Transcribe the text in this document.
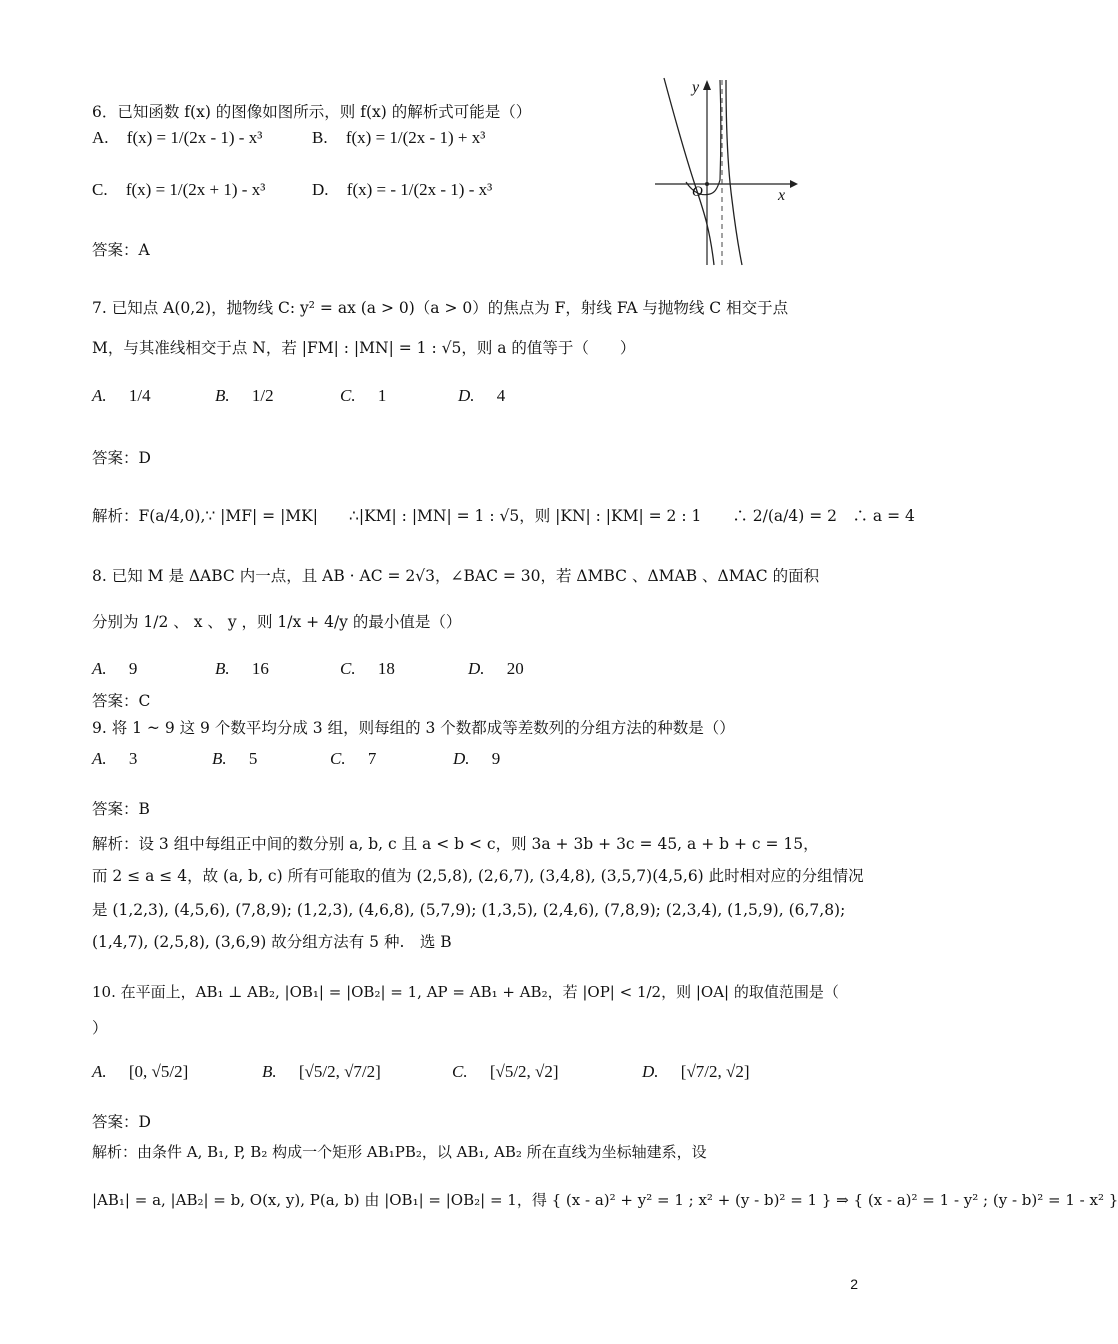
6．已知函数 f(x) 的图像如图所示，则 f(x) 的解析式可能是（）
A. f(x) = 1/(2x - 1) - x³	B. f(x) = 1/(2x - 1) + x³
C. f(x) = 1/(2x + 1) - x³	D. f(x) = - 1/(2x - 1) - x³
答案：A
y
x
O
7. 已知点 A(0,2)，抛物线 C: y² = ax (a > 0)（a > 0）的焦点为 F，射线 FA 与抛物线 C 相交于点
M，与其准线相交于点 N，若 |FM| : |MN| = 1 : √5，则 a 的值等于（　　）
A. 1/4	B. 1/2	C. 1	D. 4
答案：D
解析：F(a/4,0),∵ |MF| = |MK|　　∴|KM| : |MN| = 1 : √5，则 |KN| : |KM| = 2 : 1　　∴ 2/(a/4) = 2　∴ a = 4
8. 已知 M 是 ΔABC 内一点，且 AB · AC = 2√3，∠BAC = 30，若 ΔMBC 、ΔMAB 、ΔMAC 的面积
分别为 1/2 、 x 、 y ，则 1/x + 4/y 的最小值是（）
A. 9	B. 16	C. 18	D. 20
答案：C
9. 将 1 ~ 9 这 9 个数平均分成 3 组，则每组的 3 个数都成等差数列的分组方法的种数是（）
A. 3	B. 5	C. 7	D. 9
答案：B
解析：设 3 组中每组正中间的数分别 a, b, c 且 a < b < c，则 3a + 3b + 3c = 45, a + b + c = 15，
而 2 ≤ a ≤ 4，故 (a, b, c) 所有可能取的值为 (2,5,8), (2,6,7), (3,4,8), (3,5,7)(4,5,6) 此时相对应的分组情况
是 (1,2,3), (4,5,6), (7,8,9); (1,2,3), (4,6,8), (5,7,9); (1,3,5), (2,4,6), (7,8,9); (2,3,4), (1,5,9), (6,7,8);
(1,4,7), (2,5,8), (3,6,9) 故分组方法有 5 种.　选 B
10. 在平面上，AB₁ ⊥ AB₂, |OB₁| = |OB₂| = 1, AP = AB₁ + AB₂，若 |OP| < 1/2，则 |OA| 的取值范围是（
）
A. [0, √5/2]	B. [√5/2, √7/2]	C. [√5/2, √2]	D. [√7/2, √2]
答案：D
解析：由条件 A, B₁, P, B₂ 构成一个矩形 AB₁PB₂，以 AB₁, AB₂ 所在直线为坐标轴建系，设
|AB₁| = a, |AB₂| = b, O(x, y), P(a, b) 由 |OB₁| = |OB₂| = 1，得 { (x - a)² + y² = 1 ; x² + (y - b)² = 1 } ⇒ { (x - a)² = 1 - y² ; (y - b)² = 1 - x² }
2
